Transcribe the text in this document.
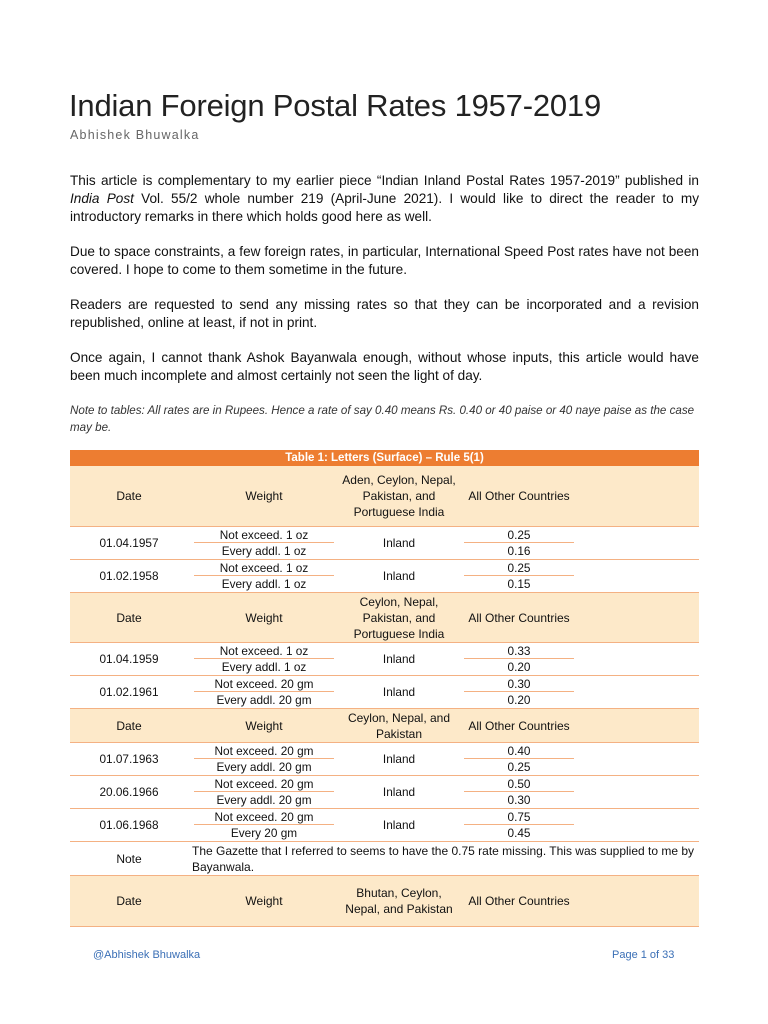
Indian Foreign Postal Rates 1957-2019
Abhishek Bhuwalka

This article is complementary to my earlier piece “Indian Inland Postal Rates 1957-2019” published in India Post Vol. 55/2 whole number 219 (April-June 2021). I would like to direct the reader to my introductory remarks in there which holds good here as well.

Due to space constraints, a few foreign rates, in particular, International Speed Post rates have not been covered. I hope to come to them sometime in the future.

Readers are requested to send any missing rates so that they can be incorporated and a revision republished, online at least, if not in print.

Once again, I cannot thank Ashok Bayanwala enough, without whose inputs, this article would have been much incomplete and almost certainly not seen the light of day.

Note to tables: All rates are in Rupees. Hence a rate of say 0.40 means Rs. 0.40 or 40 paise or 40 naye paise as the case may be.

Table 1: Letters (Surface) – Rule 5(1)				
Date	Weight	Aden, Ceylon, Nepal, Pakistan, and Portuguese India	All Other Countries	
01.04.1957	Not exceed. 1 oz	Inland	0.25	
	Every addl. 1 oz		0.16	
01.02.1958	Not exceed. 1 oz	Inland	0.25	
	Every addl. 1 oz		0.15	
Date	Weight	Ceylon, Nepal, Pakistan, and Portuguese India	All Other Countries	
01.04.1959	Not exceed. 1 oz	Inland	0.33	
	Every addl. 1 oz		0.20	
01.02.1961	Not exceed. 20 gm	Inland	0.30	
	Every addl. 20 gm		0.20	
Date	Weight	Ceylon, Nepal, and Pakistan	All Other Countries	
01.07.1963	Not exceed. 20 gm	Inland	0.40	
	Every addl. 20 gm		0.25	
20.06.1966	Not exceed. 20 gm	Inland	0.50	
	Every addl. 20 gm		0.30	
01.06.1968	Not exceed. 20 gm	Inland	0.75	
	Every 20 gm		0.45	
Note	The Gazette that I referred to seems to have the 0.75 rate missing. This was supplied to me by Bayanwala.			
Date	Weight	Bhutan, Ceylon, Nepal, and Pakistan	All Other Countries	
@Abhishek Bhuwalka	Page 1 of 33
